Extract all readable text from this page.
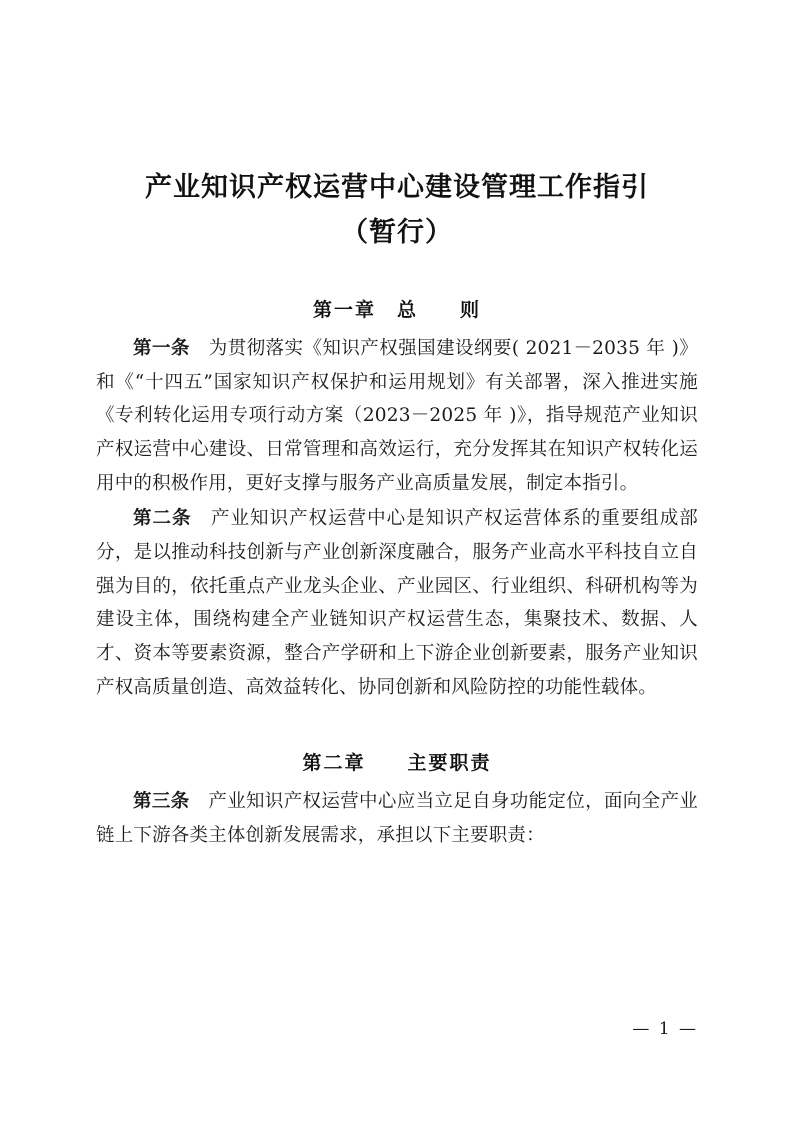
产业知识产权运营中心建设管理工作指引
（暂行）
第一章　总　　则

第一条　为贯彻落实《知识产权强国建设纲要( 2021－2035 年 )》和《“十四五”国家知识产权保护和运用规划》有关部署，深入推进实施《专利转化运用专项行动方案（2023－2025 年 )》，指导规范产业知识产权运营中心建设、日常管理和高效运行，充分发挥其在知识产权转化运用中的积极作用，更好支撑与服务产业高质量发展，制定本指引。

第二条　产业知识产权运营中心是知识产权运营体系的重要组成部分，是以推动科技创新与产业创新深度融合，服务产业高水平科技自立自强为目的，依托重点产业龙头企业、产业园区、行业组织、科研机构等为建设主体，围绕构建全产业链知识产权运营生态，集聚技术、数据、人才、资本等要素资源，整合产学研和上下游企业创新要素，服务产业知识产权高质量创造、高效益转化、协同创新和风险防控的功能性载体。

第二章　　主要职责

第三条　产业知识产权运营中心应当立足自身功能定位，面向全产业链上下游各类主体创新发展需求，承担以下主要职责：

— 1 —
